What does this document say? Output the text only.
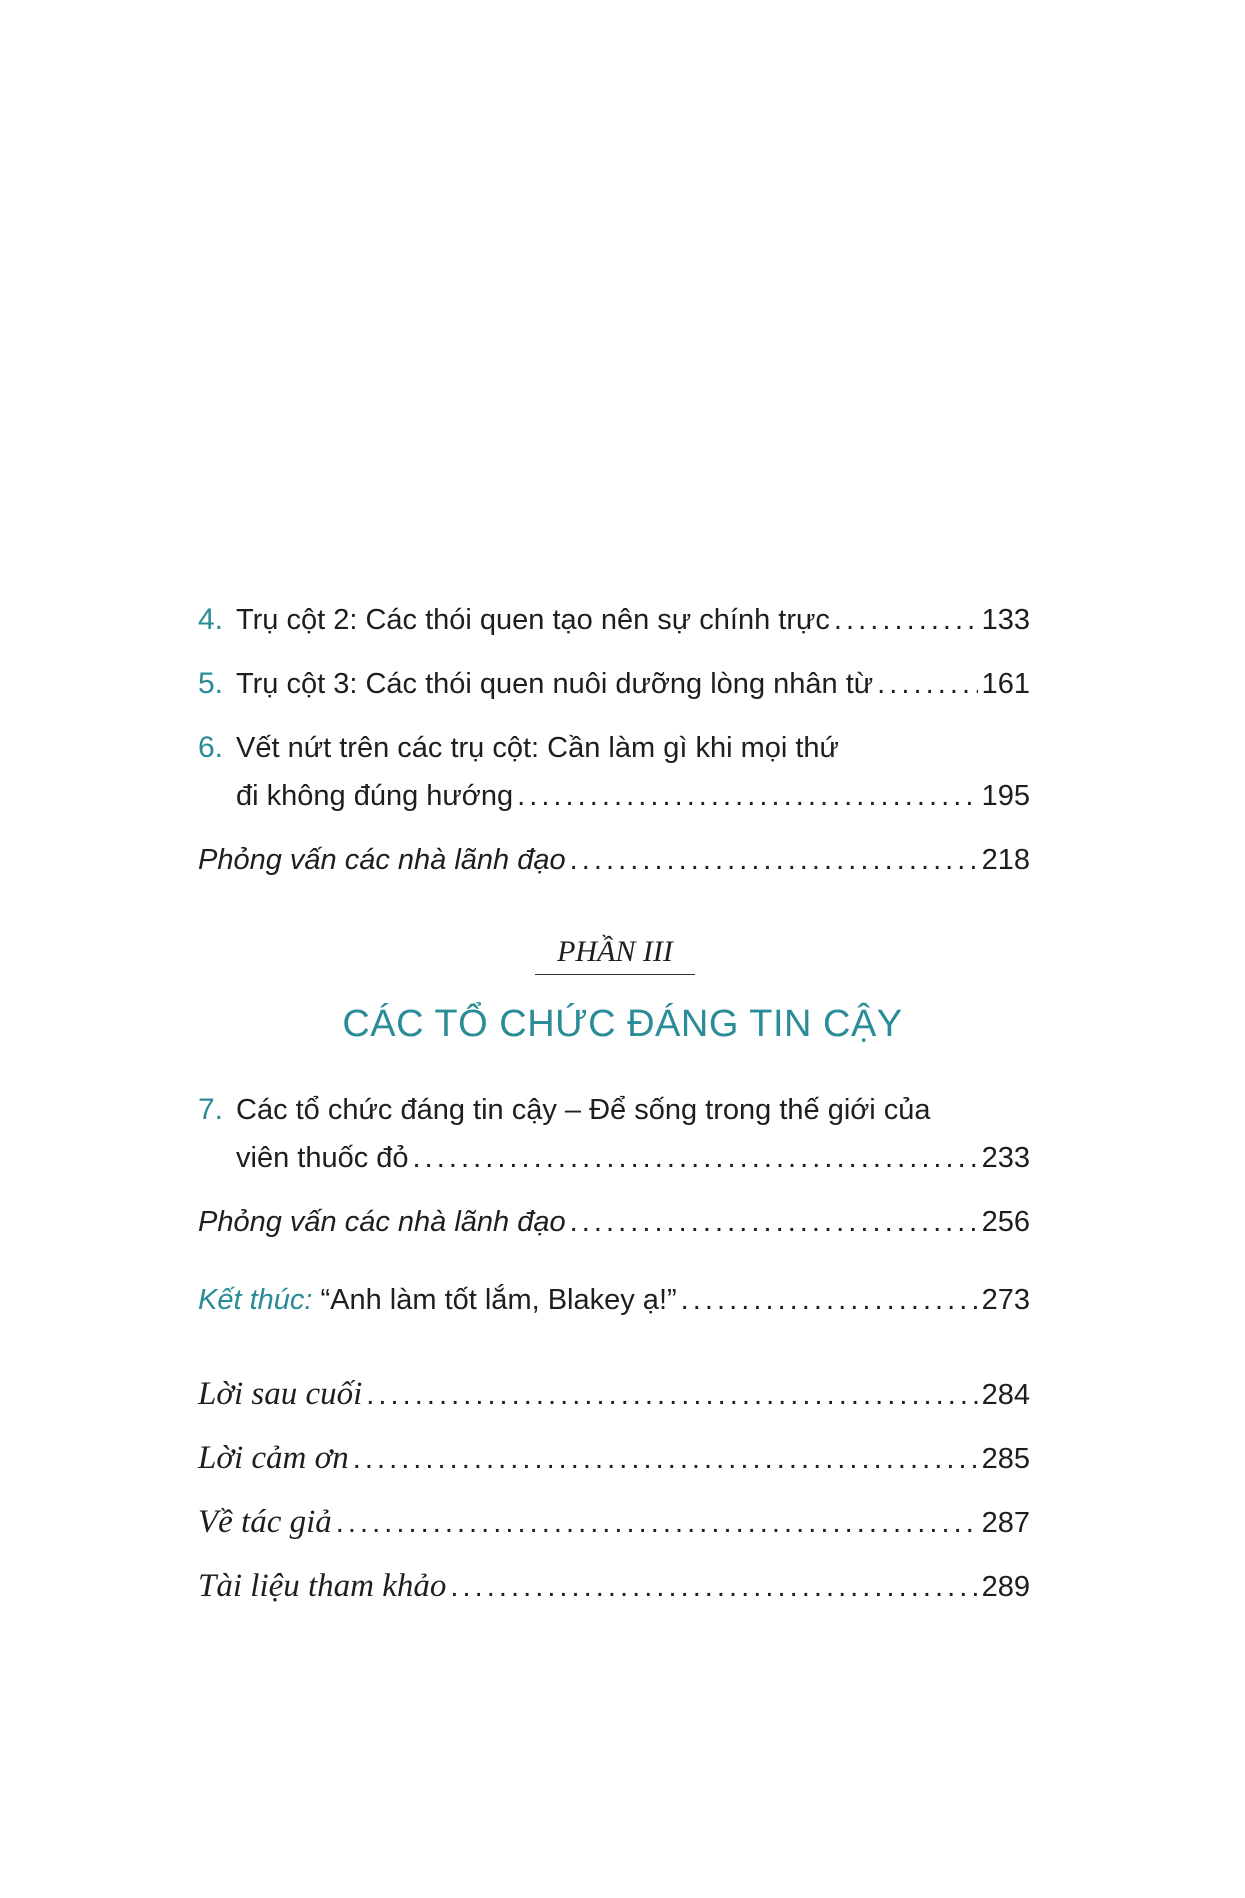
4. Trụ cột 2: Các thói quen tạo nên sự chính trực . . .	133
5. Trụ cột 3: Các thói quen nuôi dưỡng lòng nhân từ . . .	161
6. Vết nứt trên các trụ cột: Cần làm gì khi mọi thứ
đi không đúng hướng . . .	195
Phỏng vấn các nhà lãnh đạo . . .	218
PHẦN III
CÁC TỔ CHỨC ĐÁNG TIN CẬY
7. Các tổ chức đáng tin cậy – Để sống trong thế giới của
viên thuốc đỏ . . .	233
Phỏng vấn các nhà lãnh đạo . . .	256
Kết thúc: “Anh làm tốt lắm, Blakey ạ!” . . .	273
Lời sau cuối . . .	284
Lời cảm ơn . . .	285
Về tác giả . . .	287
Tài liệu tham khảo . . .	289
